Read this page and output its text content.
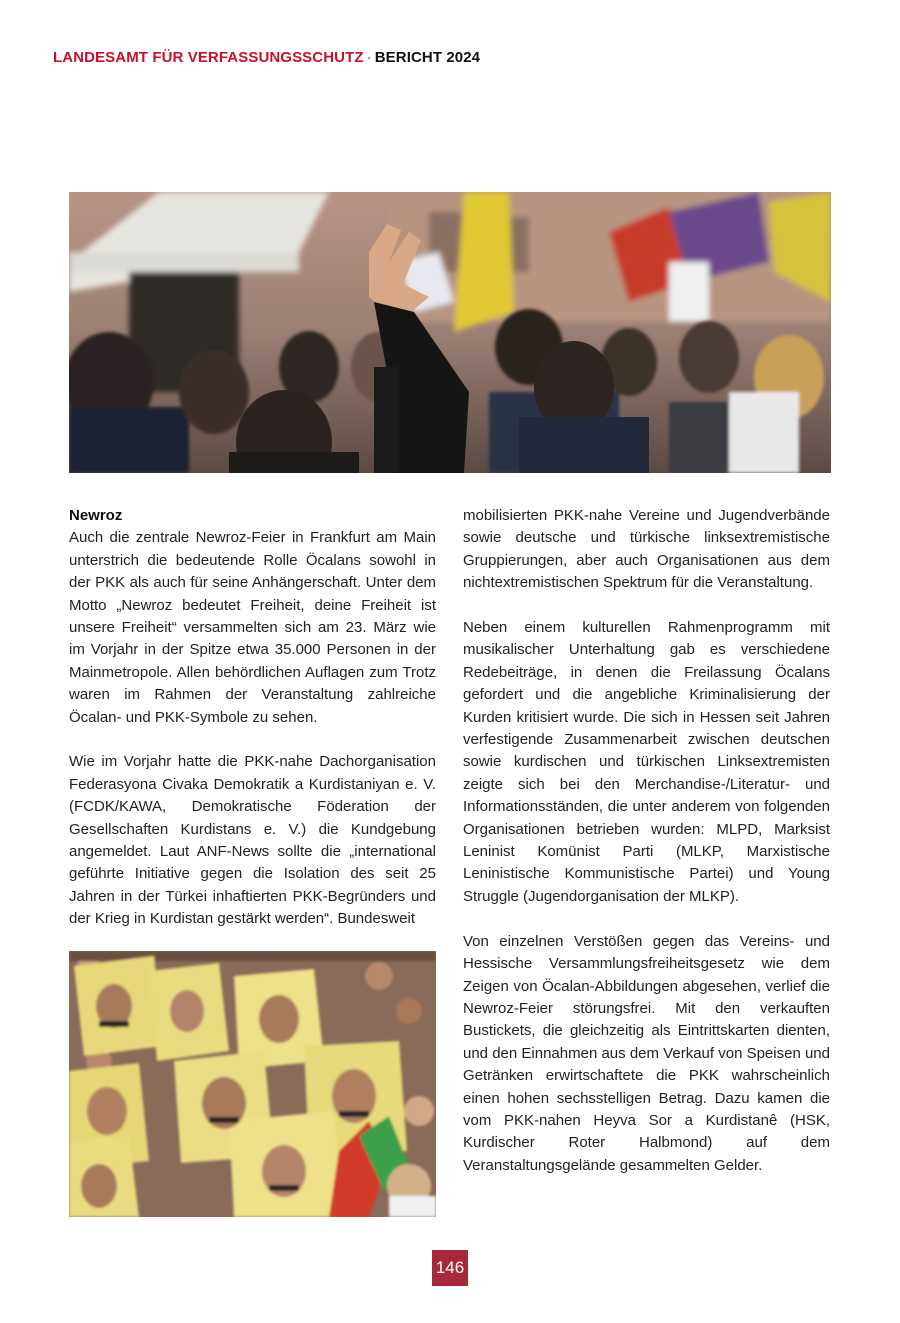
LANDESAMT FÜR VERFASSUNGSSCHUTZ · BERICHT 2024
Newroz

Auch die zentrale Newroz-Feier in Frankfurt am Main unterstrich die bedeutende Rolle Öcalans sowohl in der PKK als auch für seine Anhängerschaft. Unter dem Motto „Newroz bedeutet Freiheit, deine Freiheit ist unsere Freiheit“ versammelten sich am 23. März wie im Vorjahr in der Spitze etwa 35.000 Personen in der Mainmetropole. Allen behördlichen Auflagen zum Trotz waren im Rahmen der Veranstaltung zahlreiche Öcalan- und PKK-Symbole zu sehen.

Wie im Vorjahr hatte die PKK-nahe Dachorganisation Federasyona Civaka Demokratik a Kurdistaniyan e. V. (FCDK/KAWA, Demokratische Föderation der Gesellschaften Kurdistans e. V.) die Kundgebung angemeldet. Laut ANF-News sollte die „international geführte Initiative gegen die Isolation des seit 25 Jahren in der Türkei inhaftierten PKK-Begründers und der Krieg in Kurdistan gestärkt werden“. Bundesweit

mobilisierten PKK-nahe Vereine und Jugendverbände sowie deutsche und türkische linksextremistische Gruppierungen, aber auch Organisationen aus dem nichtextremistischen Spektrum für die Veranstaltung.

Neben einem kulturellen Rahmenprogramm mit musikalischer Unterhaltung gab es verschiedene Redebeiträge, in denen die Freilassung Öcalans gefordert und die angebliche Kriminalisierung der Kurden kritisiert wurde. Die sich in Hessen seit Jahren verfestigende Zusammenarbeit zwischen deutschen sowie kurdischen und türkischen Linksextremisten zeigte sich bei den Merchandise-/Literatur- und Informationsständen, die unter anderem von folgenden Organisationen betrieben wurden: MLPD, Marksist Leninist Komünist Parti (MLKP, Marxistische Leninistische Kommunistische Partei) und Young Struggle (Jugendorganisation der MLKP).

Von einzelnen Verstößen gegen das Vereins- und Hessische Versammlungsfreiheitsgesetz wie dem Zeigen von Öcalan-Abbildungen abgesehen, verlief die Newroz-Feier störungsfrei. Mit den verkauften Bustickets, die gleichzeitig als Eintrittskarten dienten, und den Einnahmen aus dem Verkauf von Speisen und Getränken erwirtschaftete die PKK wahrscheinlich einen hohen sechsstelligen Betrag. Dazu kamen die vom PKK-nahen Heyva Sor a Kurdistanê (HSK, Kurdischer Roter Halbmond) auf dem Veranstaltungsgelände gesammelten Gelder.

146
